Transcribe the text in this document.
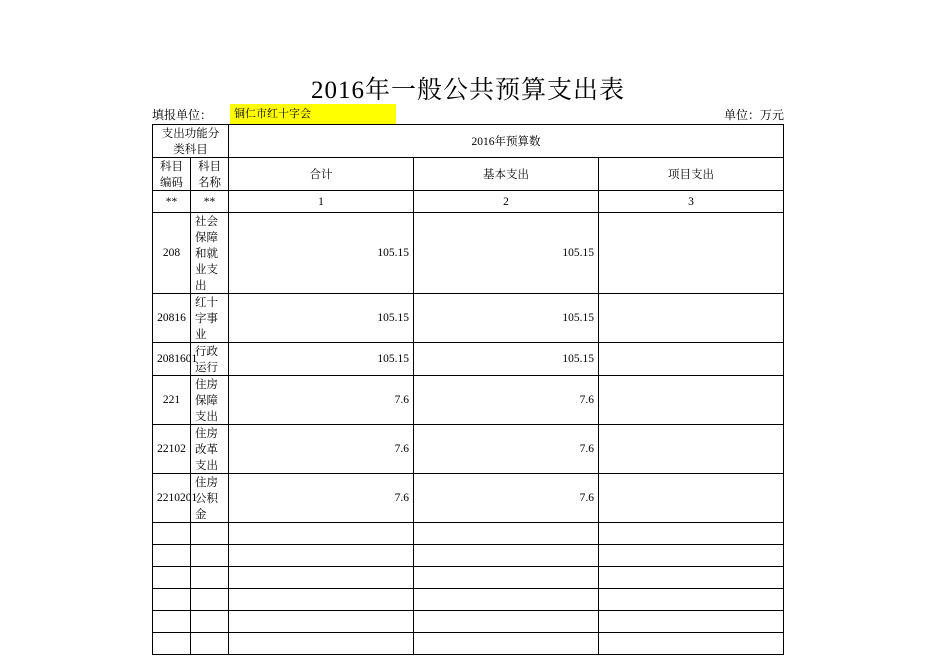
2016年一般公共预算支出表
填报单位：	铜仁市红十字会	单位：万元
支出功能分类科目		2016年预算数		
科目编码	科目名称	合计	基本支出	项目支出
**	**	1	2	3
208	社会保障和就业支出	105.15	105.15	
20816	红十字事业	105.15	105.15	
2081601	行政运行	105.15	105.15	
221	住房保障支出	7.6	7.6	
22102	住房改革支出	7.6	7.6	
2210201	住房公积金	7.6	7.6	
